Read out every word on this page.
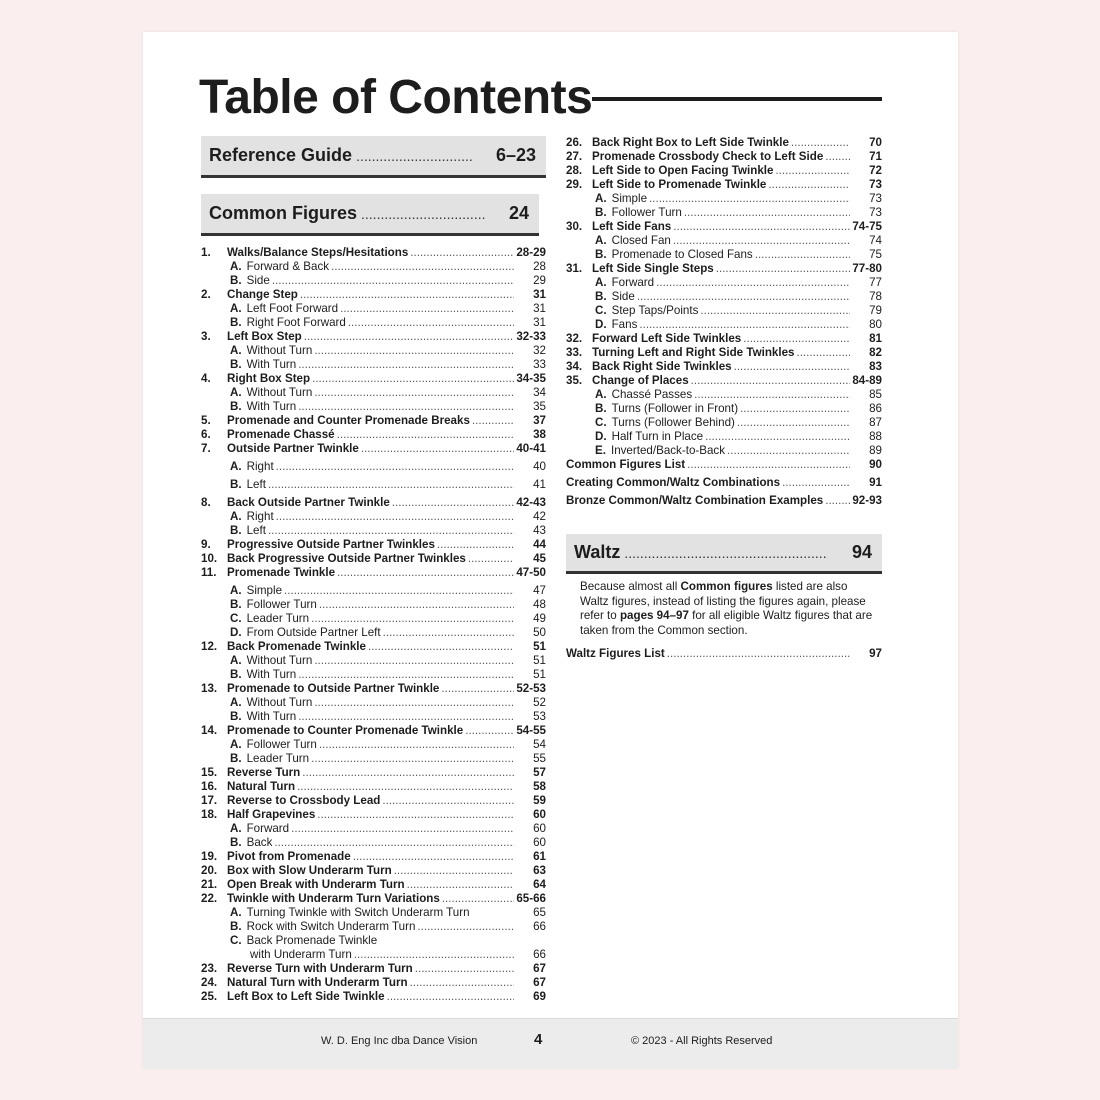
Table of Contents
Reference Guide .....	6–23
Common Figures .....	24
1.	Walks/Balance Steps/Hesitations .....	28-29
A. Forward & Back .....	28
B. Side .....	29
2.	Change Step .....	31
A. Left Foot Forward .....	31
B. Right Foot Forward .....	31
3.	Left Box Step .....	32-33
A. Without Turn .....	32
B. With Turn .....	33
4.	Right Box Step .....	34-35
A. Without Turn .....	34
B. With Turn .....	35
5.	Promenade and Counter Promenade Breaks .....	37
6.	Promenade Chassé .....	38
7.	Outside Partner Twinkle .....	40-41
A. Right .....	40
B. Left .....	41
8.	Back Outside Partner Twinkle .....	42-43
A. Right .....	42
B. Left .....	43
9.	Progressive Outside Partner Twinkles .....	44
10. Back Progressive Outside Partner Twinkles .....	45
11. Promenade Twinkle .....	47-50
A. Simple .....	47
B. Follower Turn .....	48
C. Leader Turn .....	49
D. From Outside Partner Left .....	50
12. Back Promenade Twinkle .....	51
A. Without Turn .....	51
B. With Turn .....	51
13. Promenade to Outside Partner Twinkle .....	52-53
A. Without Turn .....	52
B. With Turn .....	53
14. Promenade to Counter Promenade Twinkle .....	54-55
A. Follower Turn .....	54
B. Leader Turn .....	55
15. Reverse Turn .....	57
16. Natural Turn .....	58
17. Reverse to Crossbody Lead .....	59
18. Half Grapevines .....	60
A. Forward .....	60
B. Back .....	60
19. Pivot from Promenade .....	61
20. Box with Slow Underarm Turn .....	63
21. Open Break with Underarm Turn .....	64
22. Twinkle with Underarm Turn Variations .....	65-66
A. Turning Twinkle with Switch Underarm Turn	65
B. Rock with Switch Underarm Turn .....	66
C. Back Promenade Twinkle
with Underarm Turn .....	66
23. Reverse Turn with Underarm Turn .....	67
24. Natural Turn with Underarm Turn .....	67
25. Left Box to Left Side Twinkle .....	69
26. Back Right Box to Left Side Twinkle .....	70
27. Promenade Crossbody Check to Left Side .....	71
28. Left Side to Open Facing Twinkle .....	72
29. Left Side to Promenade Twinkle .....	73
A. Simple .....	73
B. Follower Turn .....	73
30. Left Side Fans .....	74-75
A. Closed Fan .....	74
B. Promenade to Closed Fans .....	75
31. Left Side Single Steps .....	77-80
A. Forward .....	77
B. Side .....	78
C. Step Taps/Points .....	79
D. Fans .....	80
32. Forward Left Side Twinkles .....	81
33. Turning Left and Right Side Twinkles .....	82
34. Back Right Side Twinkles .....	83
35. Change of Places .....	84-89
A. Chassé Passes .....	85
B. Turns (Follower in Front) .....	86
C. Turns (Follower Behind) .....	87
D. Half Turn in Place .....	88
E. Inverted/Back-to-Back .....	89
Common Figures List .....	90
Creating Common/Waltz Combinations .....	91
Bronze Common/Waltz Combination Examples .....	92-93
Waltz .....	94
Because almost all Common figures listed are also Waltz figures, instead of listing the figures again, please refer to pages 94–97 for all eligible Waltz figures that are taken from the Common section.
Waltz Figures List .....	97
W. D. Eng Inc dba Dance Vision	4	© 2023 - All Rights Reserved
